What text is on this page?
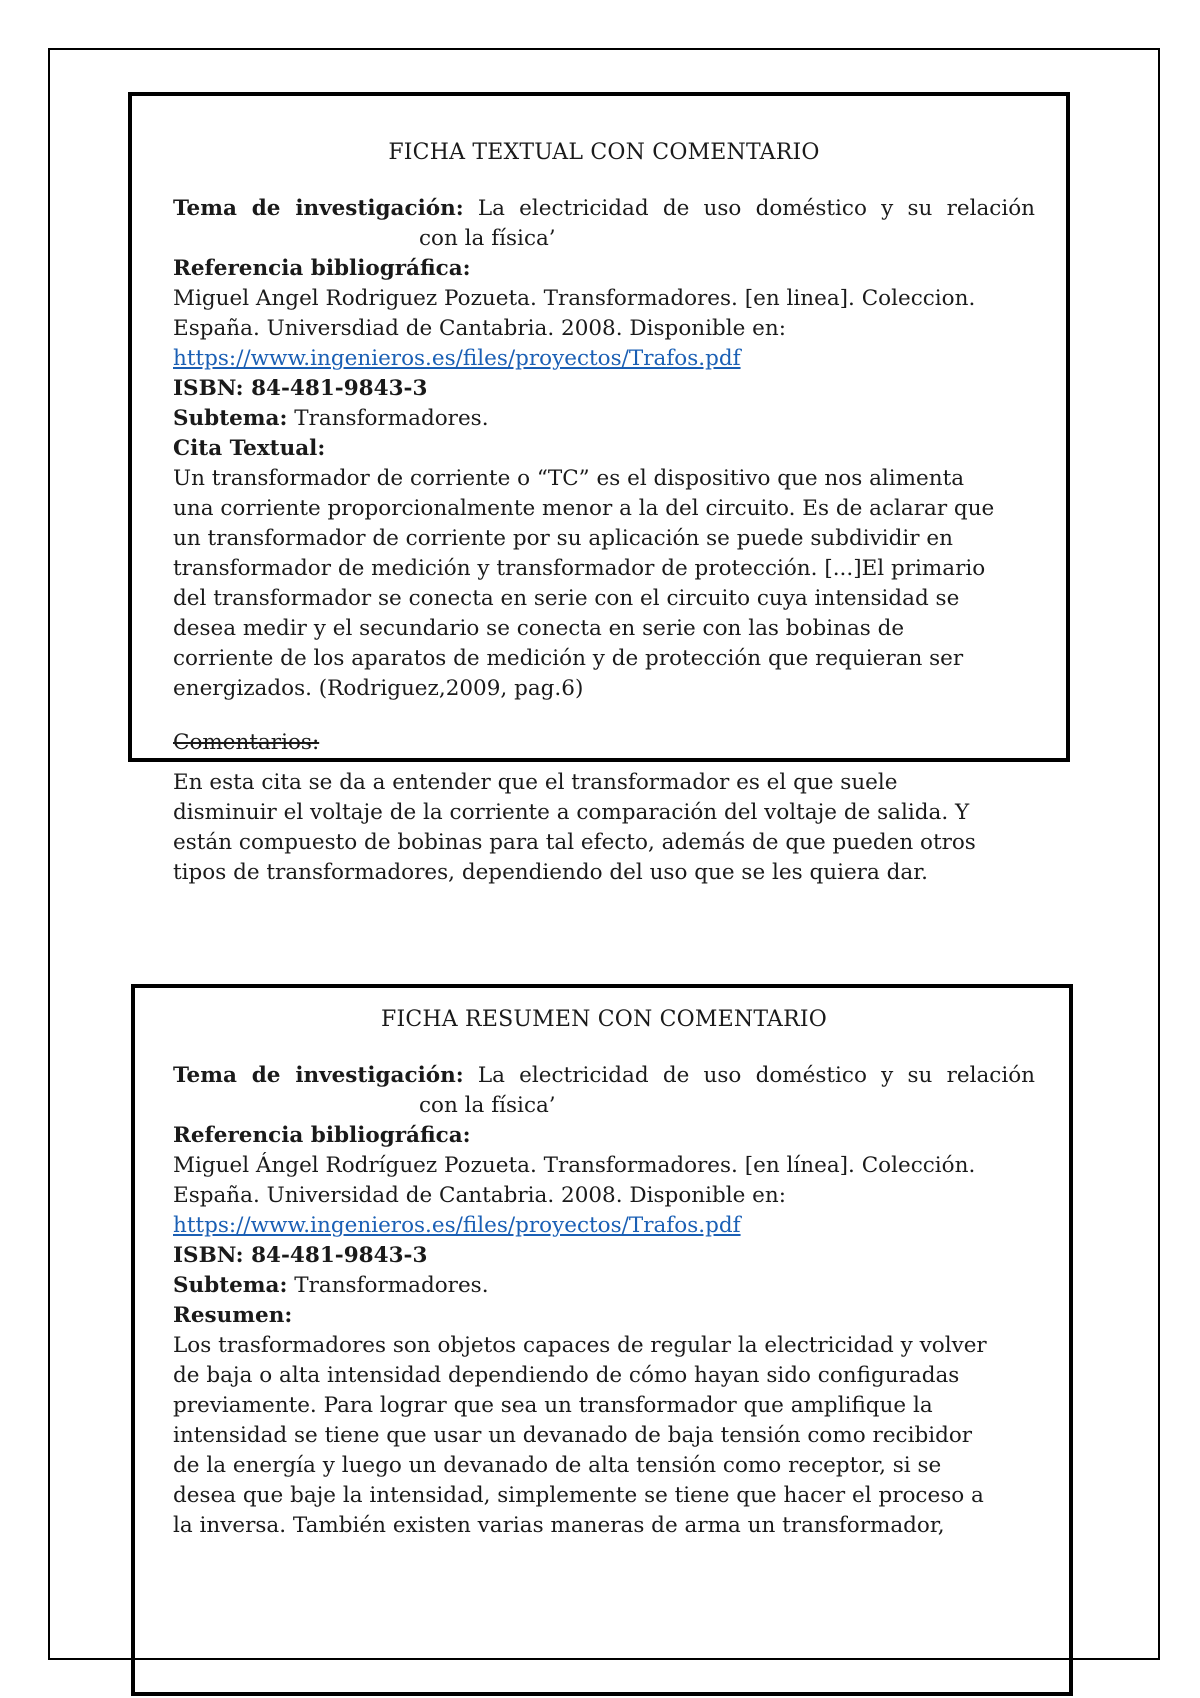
FICHA TEXTUAL CON COMENTARIO

Tema de investigación: La electricidad de uso doméstico y su relación

con la física’

Referencia bibliográfica:

Miguel Angel Rodriguez Pozueta. Transformadores. [en linea]. Coleccion.

España. Universdiad de Cantabria. 2008. Disponible en:

https://www.ingenieros.es/files/proyectos/Trafos.pdf

ISBN: 84-481-9843-3

Subtema: Transformadores.

Cita Textual:

Un transformador de corriente o “TC” es el dispositivo que nos alimenta

una corriente proporcionalmente menor a la del circuito. Es de aclarar que

un transformador de corriente por su aplicación se puede subdividir en

transformador de medición y transformador de protección. [...]El primario

del transformador se conecta en serie con el circuito cuya intensidad se

desea medir y el secundario se conecta en serie con las bobinas de

corriente de los aparatos de medición y de protección que requieran ser

energizados. (Rodriguez,2009, pag.6)

Comentarios:

En esta cita se da a entender que el transformador es el que suele

disminuir el voltaje de la corriente a comparación del voltaje de salida. Y

están compuesto de bobinas para tal efecto, además de que pueden otros

tipos de transformadores, dependiendo del uso que se les quiera dar.

FICHA RESUMEN CON COMENTARIO

Tema de investigación: La electricidad de uso doméstico y su relación

con la física’

Referencia bibliográfica:

Miguel Ángel Rodríguez Pozueta. Transformadores. [en línea]. Colección.

España. Universidad de Cantabria. 2008. Disponible en:

https://www.ingenieros.es/files/proyectos/Trafos.pdf

ISBN: 84-481-9843-3

Subtema: Transformadores.

Resumen:

Los trasformadores son objetos capaces de regular la electricidad y volver

de baja o alta intensidad dependiendo de cómo hayan sido configuradas

previamente. Para lograr que sea un transformador que amplifique la

intensidad se tiene que usar un devanado de baja tensión como recibidor

de la energía y luego un devanado de alta tensión como receptor, si se

desea que baje la intensidad, simplemente se tiene que hacer el proceso a

la inversa. También existen varias maneras de arma un transformador,
